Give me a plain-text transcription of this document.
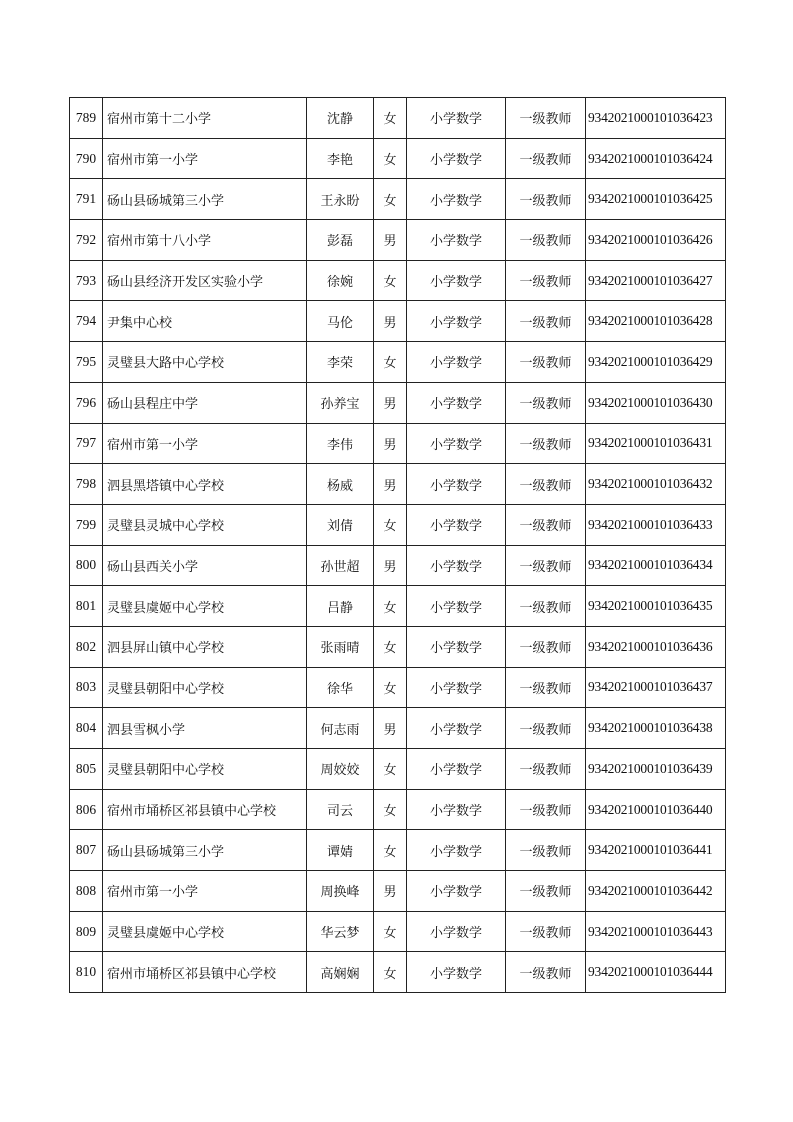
789	宿州市第十二小学	沈静	女	小学数学	一级教师	9342021000101036423
790	宿州市第一小学	李艳	女	小学数学	一级教师	9342021000101036424
791	砀山县砀城第三小学	王永盼	女	小学数学	一级教师	9342021000101036425
792	宿州市第十八小学	彭磊	男	小学数学	一级教师	9342021000101036426
793	砀山县经济开发区实验小学	徐婉	女	小学数学	一级教师	9342021000101036427
794	尹集中心校	马伦	男	小学数学	一级教师	9342021000101036428
795	灵璧县大路中心学校	李荣	女	小学数学	一级教师	9342021000101036429
796	砀山县程庄中学	孙养宝	男	小学数学	一级教师	9342021000101036430
797	宿州市第一小学	李伟	男	小学数学	一级教师	9342021000101036431
798	泗县黑塔镇中心学校	杨威	男	小学数学	一级教师	9342021000101036432
799	灵璧县灵城中心学校	刘倩	女	小学数学	一级教师	9342021000101036433
800	砀山县西关小学	孙世超	男	小学数学	一级教师	9342021000101036434
801	灵璧县虞姬中心学校	吕静	女	小学数学	一级教师	9342021000101036435
802	泗县屏山镇中心学校	张雨晴	女	小学数学	一级教师	9342021000101036436
803	灵璧县朝阳中心学校	徐华	女	小学数学	一级教师	9342021000101036437
804	泗县雪枫小学	何志雨	男	小学数学	一级教师	9342021000101036438
805	灵璧县朝阳中心学校	周姣姣	女	小学数学	一级教师	9342021000101036439
806	宿州市埇桥区祁县镇中心学校	司云	女	小学数学	一级教师	9342021000101036440
807	砀山县砀城第三小学	谭婧	女	小学数学	一级教师	9342021000101036441
808	宿州市第一小学	周换峰	男	小学数学	一级教师	9342021000101036442
809	灵璧县虞姬中心学校	华云梦	女	小学数学	一级教师	9342021000101036443
810	宿州市埇桥区祁县镇中心学校	高娴娴	女	小学数学	一级教师	9342021000101036444
